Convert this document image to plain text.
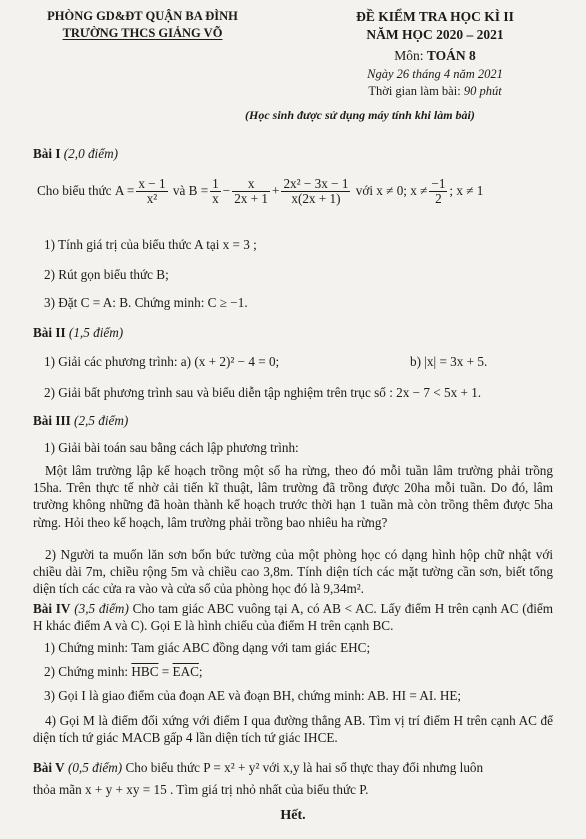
PHÒNG GD&ĐT QUẬN BA ĐÌNH
TRƯỜNG THCS GIẢNG VÕ
ĐỀ KIỂM TRA HỌC KÌ II
NĂM HỌC 2020 – 2021
Môn: TOÁN 8
Ngày 26 tháng 4 năm 2021
Thời gian làm bài: 90 phút
(Học sinh được sử dụng máy tính khi làm bài)
Bài I (2,0 điểm)
Cho biểu thức
$A = \frac{x - 1}{\text{x²}}$
và
$B = \frac{1}{x} - \frac{x}{2x + 1} + \frac{\text{2x² − 3x − 1}}{x(2x + 1)}$
với
x ≠ 0; $x \ne \frac{-1}{2}$ ; x ≠ 1
1) Tính giá trị của biểu thức A tại x = 3 ;
2) Rút gọn biểu thức B;
3) Đặt C = A: B. Chứng minh: C ≥ −1.
Bài II (1,5 điểm)
1) Giải các phương trình: a) (x + 2)² − 4 = 0;	b) |x| = 3x + 5.
2) Giải bất phương trình sau và biểu diễn tập nghiệm trên trục số : 2x − 7 < 5x + 1.
Bài III (2,5 điểm)
1) Giải bài toán sau bằng cách lập phương trình:
Một lâm trường lập kế hoạch trồng một số ha rừng, theo đó mỗi tuần lâm trường phải trồng 15ha. Trên thực tế nhờ cải tiến kĩ thuật, lâm trường đã trồng được 20ha mỗi tuần. Do đó, lâm trường không những đã hoàn thành kế hoạch trước thời hạn 1 tuần mà còn trồng thêm được 5ha rừng. Hỏi theo kế hoạch, lâm trường phải trồng bao nhiêu ha rừng?
2) Người ta muốn lăn sơn bốn bức tường của một phòng học có dạng hình hộp chữ nhật với chiều dài 7m, chiều rộng 5m và chiều cao 3,8m. Tính diện tích các mặt tường cần sơn, biết tổng diện tích các cửa ra vào và cửa sổ của phòng học đó là 9,34m².
Bài IV (3,5 điểm) Cho tam giác ABC vuông tại A, có AB < AC. Lấy điểm H trên cạnh AC (điểm H khác điểm A và C). Gọi E là hình chiếu của điểm H trên cạnh BC.
1) Chứng minh: Tam giác ABC đồng dạng với tam giác EHC;
2) Chứng minh: $\overline{HBC} = \overline{EAC}$;
3) Gọi I là giao điểm của đoạn AE và đoạn BH, chứng minh: AB. HI = AI. HE;
4) Gọi M là điểm đối xứng với điểm I qua đường thẳng AB. Tìm vị trí điểm H trên cạnh AC để diện tích tứ giác MACB gấp 4 lần diện tích tứ giác IHCE.
Bài V (0,5 điểm) Cho biểu thức P = x² + y² với x,y là hai số thực thay đổi nhưng luôn
thỏa mãn x + y + xy = 15 . Tìm giá trị nhỏ nhất của biểu thức P.
Hết.
